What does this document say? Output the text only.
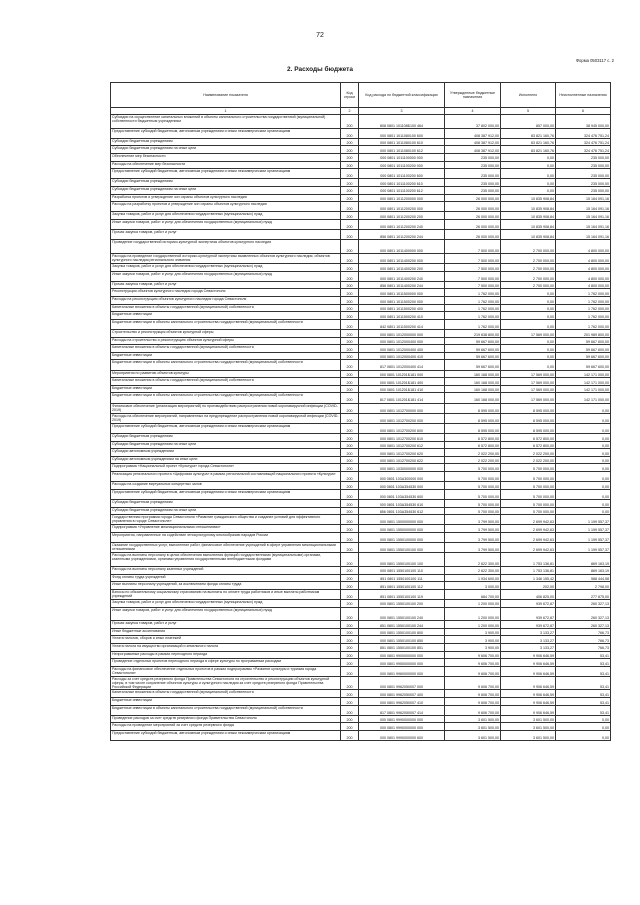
72
Форма 0503117 с. 2
2. Расходы бюджета
Наименование показателя	Код строки	Код расхода по бюджетной классификации	Утвержденные бюджетные назначения	Исполнено	Неисполненные назначения
1	2	3	4	5	6
Субсидии на осуществление капитальных вложений в объекты капитального строительства государственной (муниципальной) собственности бюджетным учреждениям	200	808 0801 101108Б100 464	37 802 000,00	857 000,00	38 945 000,00
Предоставление субсидий бюджетным, автономным учреждениям и иным некоммерческим организациям	200	000 0801 1011080100 600	408 387 912,00	83 821 160,76	324 476 751,24
Субсидии бюджетным учреждениям	200	000 0801 1011080100 610	408 387 912,00	83 821 160,76	324 476 751,24
Субсидии бюджетным учреждениям на иные цели	200	000 0801 1011080100 612	408 387 912,00	83 821 160,76	324 476 751,24
Обеспечение мер безопасности	200	000 0801 1011100000 000	235 000,00	0,00	235 000,00
Расходы на обеспечение мер безопасности	200	000 0801 1011100200 000	235 000,00	0,00	235 000,00
Предоставление субсидий бюджетным, автономным учреждениям и иным некоммерческим организациям	200	000 0801 1011100200 600	235 000,00	0,00	235 000,00
Субсидии бюджетным учреждениям	200	000 0801 1011100200 610	235 000,00	0,00	235 000,00
Субсидии бюджетным учреждениям на иные цели	200	000 0801 1011100200 612	235 000,00	0,00	235 000,00
Разработка проектов и утверждение зон охраны объектов культурного наследия	200	000 0801 1011200000 000	26 000 000,00	10 835 908,84	15 164 091,16
Расходы на разработку проектов и утверждение зон охраны объектов культурного наследия	200	000 0801 1011200200 000	26 000 000,00	10 835 908,84	15 164 091,16
Закупка товаров, работ и услуг для обеспечения государственных (муниципальных) нужд	200	000 0801 1011200200 200	26 000 000,00	10 835 908,84	15 164 091,16
Иные закупки товаров, работ и услуг для обеспечения государственных (муниципальных) нужд	200	000 0801 1011200200 240	26 000 000,00	10 835 908,84	15 164 091,16
Прочая закупка товаров, работ и услуг	200	856 0801 1011200200 244	26 000 000,00	10 835 908,84	15 164 091,16
Проведение государственной историко-культурной экспертизы объектов культурного наследия	200	000 0801 1011400000 000	7 500 000,00	2 700 000,00	4 800 000,00
Расходы на проведение государственной историко-культурной экспертизы выявленных объектов культурного наследия, объектов культурного наследия регионального значения	200	000 0801 1011400200 000	7 500 000,00	2 700 000,00	4 800 000,00
Закупка товаров, работ и услуг для обеспечения государственных (муниципальных) нужд	200	000 0801 1011400200 200	7 500 000,00	2 700 000,00	4 800 000,00
Иные закупки товаров, работ и услуг для обеспечения государственных (муниципальных) нужд	200	000 0801 1011400200 240	7 500 000,00	2 700 000,00	4 800 000,00
Прочая закупка товаров, работ и услуг	200	856 0801 1011400200 244	7 500 000,00	2 700 000,00	4 800 000,00
Реконструкция объектов культурного наследия города Севастополя	200	000 0801 1011500000 000	1 762 000,00	0,00	1 762 000,00
Расходы на реконструкцию объектов культурного наследия города Севастополя	200	000 0801 1011500200 000	1 762 000,00	0,00	1 762 000,00
Капитальные вложения в объекты государственной (муниципальной) собственности	200	000 0801 1011500200 400	1 762 000,00	0,00	1 762 000,00
Бюджетные инвестиции	200	000 0801 1011500200 410	1 762 000,00	0,00	1 762 000,00
Бюджетные инвестиции в объекты капитального строительства государственной (муниципальной) собственности	200	842 0801 1011500200 414	1 762 000,00	0,00	1 762 000,00
Строительство и реконструкция объектов культурной сферы	200	000 0801 1012000000 000	219 638 800,00	17 569 000,00	201 989 800,00
Расходы на строительство и реконструкцию объектов культурной сферы	200	000 0801 1012000400 000	59 667 600,00	0,00	59 667 600,00
Капитальные вложения в объекты государственной (муниципальной) собственности	200	000 0801 1012000400 400	59 667 600,00	0,00	59 667 600,00
Бюджетные инвестиции	200	000 0801 1012000400 410	59 667 600,00	0,00	59 667 600,00
Бюджетные инвестиции в объекты капитального строительства государственной (муниципальной) собственности	200	817 0801 1012000400 414	59 667 600,00	0,00	59 667 600,00
Мероприятия по развитию объектов культуры	200	000 0801 101201Б181 000	160 168 000,00	17 569 000,00	142 171 000,00
Капитальные вложения в объекты государственной (муниципальной) собственности	200	000 0801 101201Б181 400	160 168 000,00	17 569 000,00	142 171 000,00
Бюджетные инвестиции	200	000 0801 101201Б181 410	160 168 000,00	17 569 000,00	142 171 000,00
Бюджетные инвестиции в объекты капитального строительства государственной (муниципальной) собственности	200	817 0801 101201Б181 414	160 168 000,00	17 569 000,00	142 171 000,00
Финансовое обеспечение (реализация мероприятий) по противодействию распространения новой коронавирусной инфекции (COVID-2019)	200	000 0801 1012700000 000	8 595 000,00	8 595 000,00	0,00
Расходы на обеспечение мероприятий, направленных на предупреждение распространения новой коронавирусной инфекции (COVID-2019)	200	000 0801 1012700200 000	8 595 000,00	8 595 000,00	0,00
Предоставление субсидий бюджетным, автономным учреждениям и иным некоммерческим организациям	200	000 0801 1012700200 600	8 595 000,00	8 595 000,00	0,00
Субсидии бюджетным учреждениям	200	000 0801 1012700200 610	6 572 800,00	6 572 800,00	0,00
Субсидии бюджетным учреждениям на иные цели	200	000 0801 1012700200 612	6 572 800,00	6 572 800,00	0,00
Субсидии автономным учреждениям	200	000 0801 1012700200 620	2 022 200,00	2 022 200,00	0,00
Субсидии автономным учреждениям на иные цели	200	000 0801 1012700200 622	2 022 200,00	2 022 200,00	0,00
Подпрограмма «Национальный проект «Культура» города Севастополя»	200	000 0801 1030000000 000	5 700 000,00	5 700 000,00	0,00
Реализация регионального проекта «Цифровая культура» в рамках региональной составляющей национального проекта «Культура»	200	000 0801 103A300000 000	5 700 000,00	5 700 000,00	0,00
Расходы на создание виртуальных концертных залов	200	000 0801 103A354530 000	5 700 000,00	5 700 000,00	0,00
Предоставление субсидий бюджетным, автономным учреждениям и иным некоммерческим организациям	200	000 0801 103A354530 600	5 700 000,00	5 700 000,00	0,00
Субсидии бюджетным учреждениям	200	000 0801 103A354530 610	5 700 000,00	5 700 000,00	0,00
Субсидии бюджетным учреждениям на иные цели	200	856 0801 103A354530 612	5 700 000,00	5 700 000,00	0,00
Государственная программа города Севастополя «Развитие гражданского общества и создание условий для эффективного управления в городе Севастополе»	200	000 0801 1500000000 000	3 799 500,00	2 699 942,63	1 199 557,37
Подпрограмма «Управление межнациональными отношениями»	200	000 0801 1550000000 000	3 799 500,00	2 699 942,63	1 199 557,37
Мероприятия, направленные на содействие этнокультурному многообразию народов России	200	000 0801 1550100000 000	3 799 500,00	2 699 942,63	1 199 557,37
Оказание государственных услуг, выполнение работ, финансовое обеспечение учреждений в сфере управления межнациональными отношениями	200	000 0801 1550100100 000	3 799 500,00	2 699 942,63	1 199 557,37
Расходы на выплаты персоналу в целях обеспечения выполнения функций государственными (муниципальными) органами, казенными учреждениями, органами управления государственными внебюджетными фондами	200	000 0801 1550100100 100	2 622 300,00	1 753 136,81	869 163,19
Расходы на выплаты персоналу казенных учреждений	200	000 0801 1550100100 110	2 622 300,00	1 753 136,81	869 163,19
Фонд оплаты труда учреждений	200	851 0801 1550100100 111	1 934 600,00	1 346 155,42	588 444,58
Иные выплаты персоналу учреждений, за исключением фонда оплаты труда	200	851 0801 1550100100 112	3 000,00	202,00	2 798,00
Взносы по обязательному социальному страхованию на выплаты по оплате труда работников и иные выплаты работникам учреждений	200	851 0801 1550100100 119	684 700,00	406 825,00	277 875,00
Закупка товаров, работ и услуг для обеспечения государственных (муниципальных) нужд	200	000 0801 1550100100 200	1 200 000,00	939 672,87	260 327,13
Иные закупки товаров, работ и услуг для обеспечения государственных (муниципальных) нужд	200	000 0801 1550100100 240	1 200 000,00	939 672,87	260 327,13
Прочая закупка товаров, работ и услуг	200	851 0801 1550100100 244	1 200 000,00	939 672,87	260 327,13
Иные бюджетные ассигнования	200	000 0801 1550100100 800	3 900,00	3 133,27	766,73
Уплата налогов, сборов и иных платежей	200	000 0801 1550100100 850	3 900,00	3 133,27	766,73
Уплата налога на имущество организаций и земельного налога	200	851 0801 1550100100 851	3 900,00	3 133,27	766,73
Непрограммные расходы в рамках переходного периода	200	000 0801 9900000000 000	9 606 700,00	9 906 646,59	53,41
Проведение отдельных проектов переходного периода в сфере культуры по программным расходам	200	000 0801 9950000000 000	9 606 700,00	9 906 646,59	53,41
Расходы на финансовое обеспечение отдельных проектов в рамках подпрограммы «Развитие культуры и туризма города Севастополя»	200	000 0801 9960000000 000	9 606 700,00	9 906 646,59	53,41
Расходы за счет средств резервного фонда Правительства Севастополя на строительство и реконструкцию объектов культурной сферы, в том числе сохранение объектов культуры и культурного наследия за счет средств резервного фонда Правительства Российской Федерации	200	000 0801 9962050007 000	9 606 700,00	9 906 646,59	53,41
Капитальные вложения в объекты государственной (муниципальной) собственности	200	000 0801 9962050007 400	9 606 700,00	9 906 646,59	53,41
Бюджетные инвестиции	200	000 0801 9962050007 410	9 606 700,00	9 906 646,59	53,41
Бюджетные инвестиции в объекты капитального строительства государственной (муниципальной) собственности	200	817 0801 9962050007 414	9 606 700,00	9 906 646,59	53,41
Проведение расходов за счет средств резервного фонда Правительства Севастополя	200	000 0801 9990000000 000	3 601 500,00	3 601 500,00	0,00
Расходы на проведение мероприятий за счет средств резервного фонда	200	000 0801 9990000000 000	3 601 500,00	3 601 500,00	0,00
Предоставление субсидий бюджетным, автономным учреждениям и иным некоммерческим организациям	200	000 0801 9990000000 600	3 601 500,00	3 601 500,00	0,00
